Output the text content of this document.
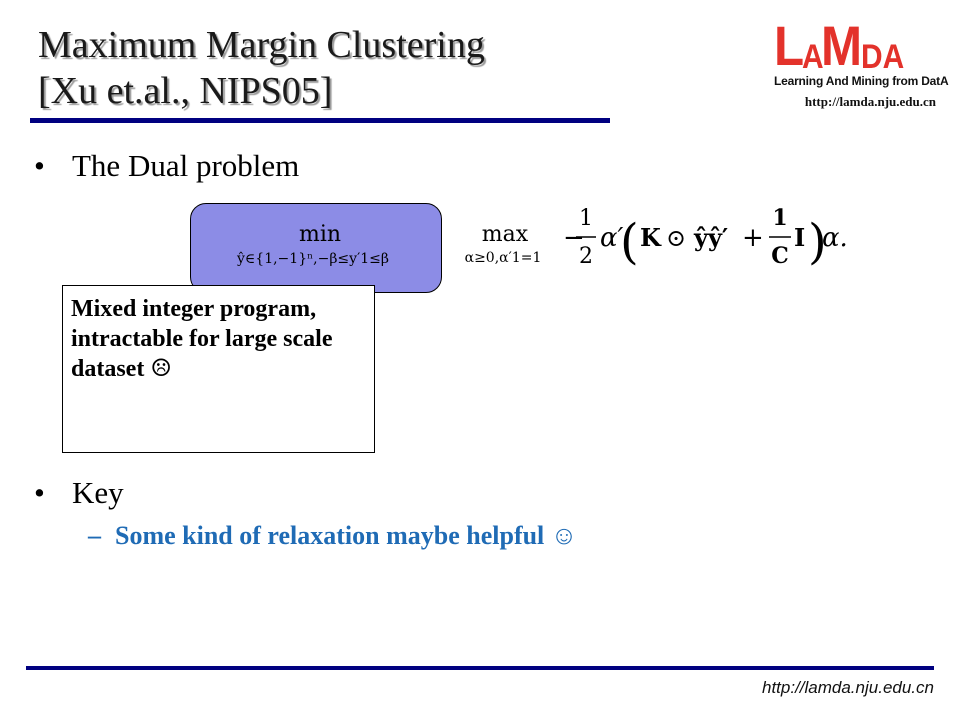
Maximum Margin Clustering
[Xu et.al., NIPS05]
LAMDA
Learning And Mining from DatA
http://lamda.nju.edu.cn
• The Dual problem
min
ŷ∈{1,−1}ⁿ,−β≤y′1≤β
max
α≥0,α′1=1
−
1
2
α′
( K ⊙ ŷŷ′ +
1
C
I )
α.
Mixed integer program, intractable for large scale dataset ☹
• Key
– Some kind of relaxation maybe helpful ☺
http://lamda.nju.edu.cn
